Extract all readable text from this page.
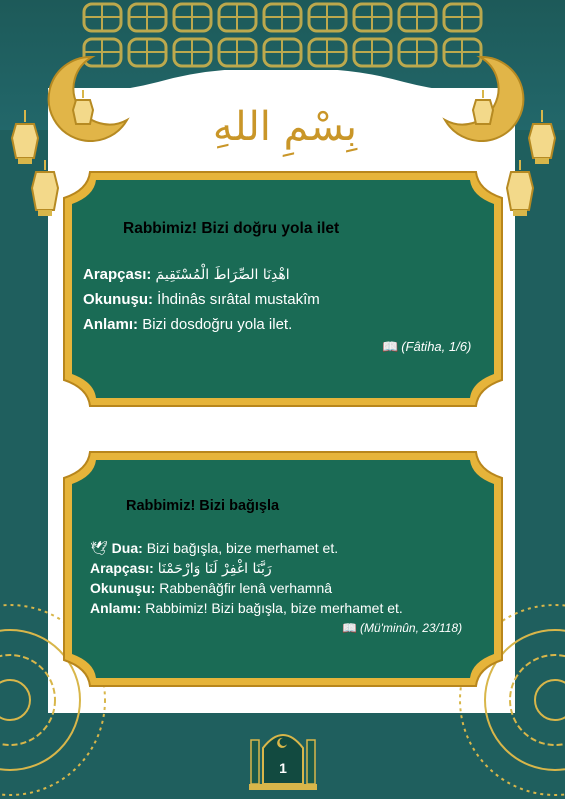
بِسْمِ اللهِ
Rabbimiz! Bizi doğru yola ilet
Arapçası: اهْدِنَا الصِّرَاطَ الْمُسْتَقِيمَ
Okunuşu: İhdinâs sırâtal mustakîm
Anlamı: Bizi dosdoğru yola ilet.
📖 (Fâtiha, 1/6)
Rabbimiz! Bizi bağışla
🕊 Dua: Bizi bağışla, bize merhamet et.
Arapçası: رَبَّنَا اغْفِرْ لَنَا وَارْحَمْنَا
Okunuşu: Rabbenâğfir lenâ verhamnâ
Anlamı: Rabbimiz! Bizi bağışla, bize merhamet et.
📖 (Mü'minûn, 23/118)
1
